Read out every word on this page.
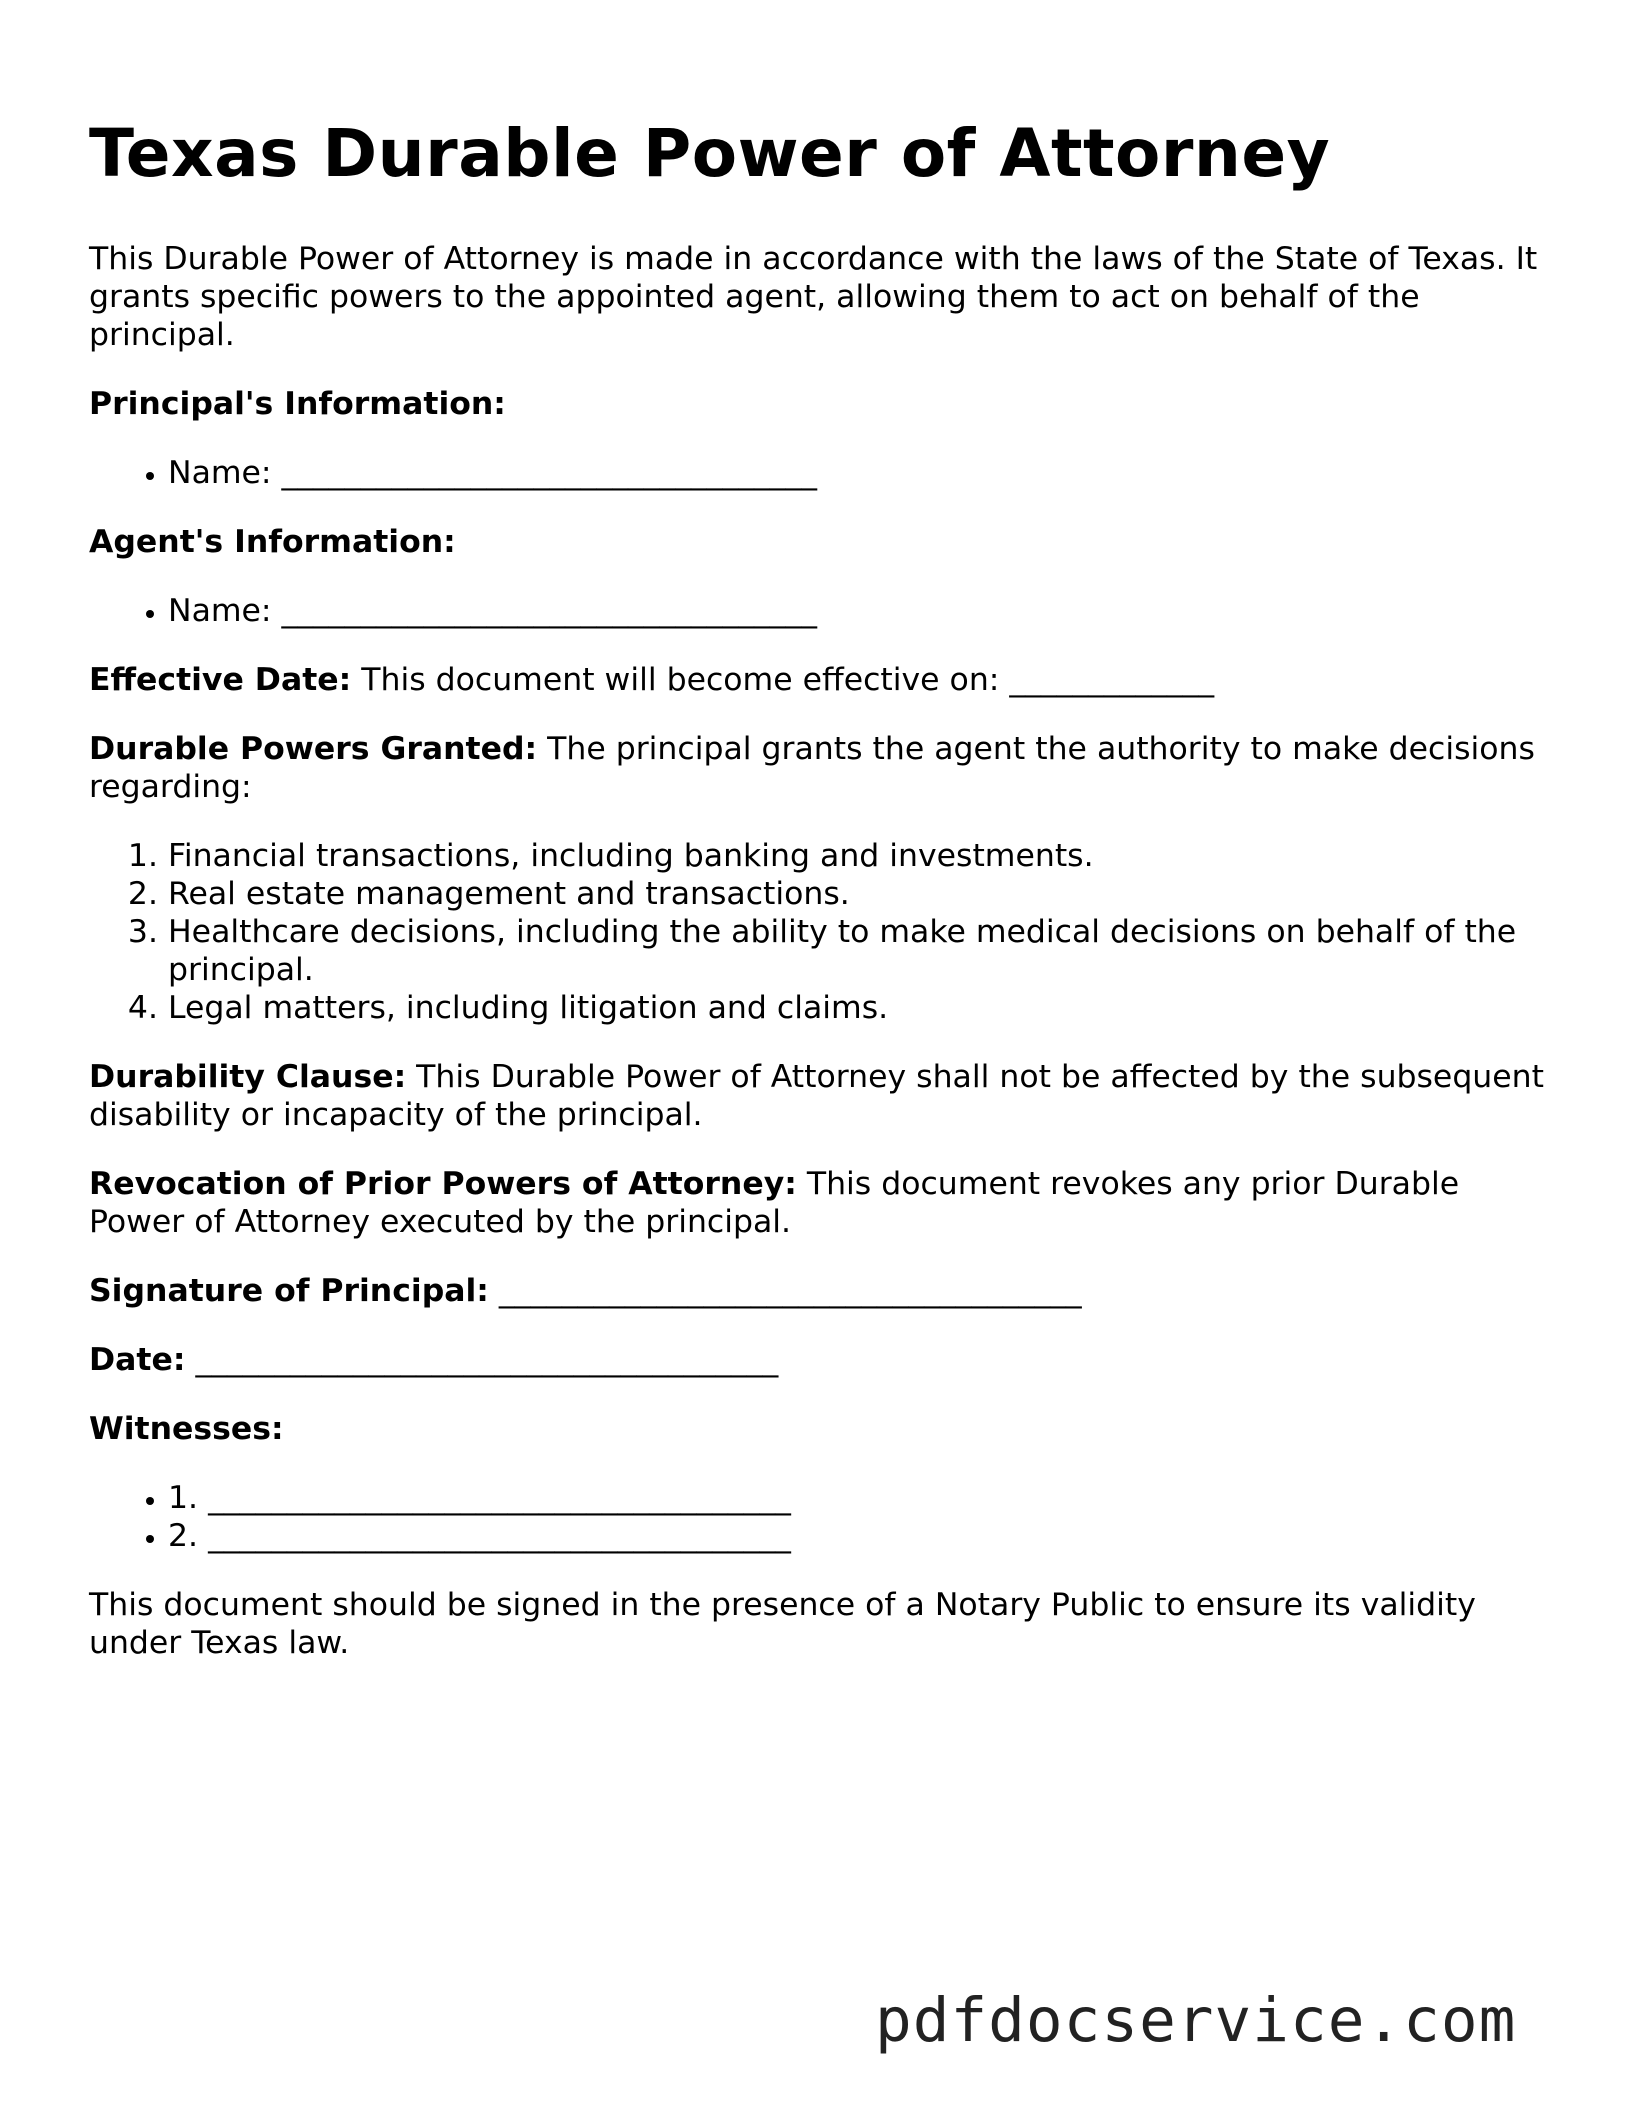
Texas Durable Power of Attorney

This Durable Power of Attorney is made in accordance with the laws of the State of Texas. It grants specific powers to the appointed agent, allowing them to act on behalf of the principal.

Principal's Information:

• Name: __________________________________

Agent's Information:

• Name: __________________________________

Effective Date: This document will become effective on: _____________

Durable Powers Granted: The principal grants the agent the authority to make decisions regarding:

1. Financial transactions, including banking and investments.
2. Real estate management and transactions.
3. Healthcare decisions, including the ability to make medical decisions on behalf of the principal.
4. Legal matters, including litigation and claims.

Durability Clause: This Durable Power of Attorney shall not be affected by the subsequent disability or incapacity of the principal.

Revocation of Prior Powers of Attorney: This document revokes any prior Durable Power of Attorney executed by the principal.

Signature of Principal: _____________________________________

Date: _____________________________________

Witnesses:

• 1. _____________________________________
• 2. _____________________________________

This document should be signed in the presence of a Notary Public to ensure its validity under Texas law.

pdfdocservice.com
